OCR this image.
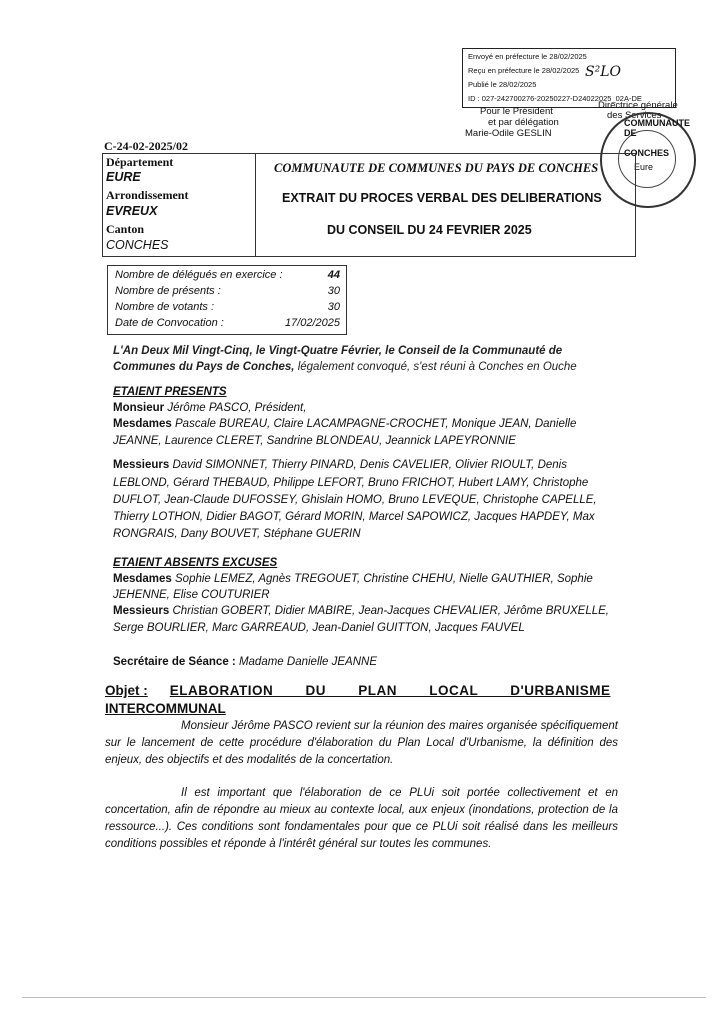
Envoyé en préfecture le 28/02/2025
Reçu en préfecture le 28/02/2025
Publié le 28/02/2025
ID : 027-242700276-20250227-D24022025_02A-DE
S²LO
Pour le Président
et par délégation
Marie-Odile GESLIN
Directrice générale
des Services
COMMUNAUTE DE
CONCHES
Eure
C-24-02-2025/02
Département
EURE
Arrondissement
EVREUX
Canton
CONCHES
COMMUNAUTE DE COMMUNES DU PAYS DE CONCHES
EXTRAIT DU PROCES VERBAL DES DELIBERATIONS
DU CONSEIL DU 24 FEVRIER 2025
Nombre de délégués en exercice :	44
Nombre de présents :	30
Nombre de votants :	30
Date de Convocation :	17/02/2025
L'An Deux Mil Vingt-Cinq, le Vingt-Quatre Février, le Conseil de la Communauté de Communes du Pays de Conches, légalement convoqué, s'est réuni à Conches en Ouche
ETAIENT PRESENTS
Monsieur Jérôme PASCO, Président,
Mesdames Pascale BUREAU, Claire LACAMPAGNE-CROCHET, Monique JEAN, Danielle
JEANNE, Laurence CLERET, Sandrine BLONDEAU, Jeannick LAPEYRONNIE
Messieurs David SIMONNET, Thierry PINARD, Denis CAVELIER, Olivier RIOULT, Denis
LEBLOND, Gérard THEBAUD, Philippe LEFORT, Bruno FRICHOT, Hubert LAMY, Christophe
DUFLOT, Jean-Claude DUFOSSEY, Ghislain HOMO, Bruno LEVEQUE, Christophe CAPELLE,
Thierry LOTHON, Didier BAGOT, Gérard MORIN, Marcel SAPOWICZ, Jacques HAPDEY, Max
RONGRAIS, Dany BOUVET, Stéphane GUERIN
ETAIENT ABSENTS EXCUSES
Mesdames Sophie LEMEZ, Agnès TREGOUET, Christine CHEHU, Nielle GAUTHIER, Sophie
JEHENNE, Elise COUTURIER
Messieurs Christian GOBERT, Didier MABIRE, Jean-Jacques CHEVALIER, Jérôme BRUXELLE,
Serge BOURLIER, Marc GARREAUD, Jean-Daniel GUITTON, Jacques FAUVEL
Secrétaire de Séance : Madame Danielle JEANNE
Objet : ELABORATION DU PLAN LOCAL D'URBANISME
INTERCOMMUNAL
Monsieur Jérôme PASCO revient sur la réunion des maires organisée spécifiquement sur le lancement de cette procédure d'élaboration du Plan Local d'Urbanisme, la définition des enjeux, des objectifs et des modalités de la concertation.
Il est important que l'élaboration de ce PLUi soit portée collectivement et en concertation, afin de répondre au mieux au contexte local, aux enjeux (inondations, protection de la ressource...). Ces conditions sont fondamentales pour que ce PLUi soit réalisé dans les meilleurs conditions possibles et réponde à l'intérêt général sur toutes les communes.
